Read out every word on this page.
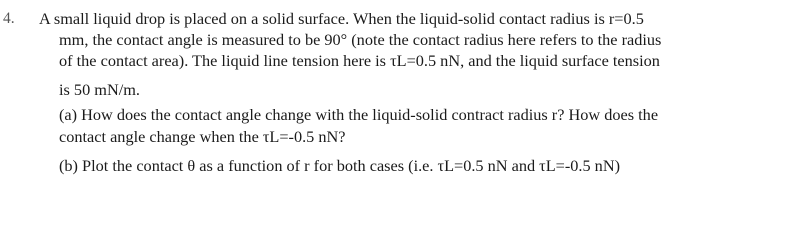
4. A small liquid drop is placed on a solid surface. When the liquid-solid contact radius is r=0.5
mm, the contact angle is measured to be 90° (note the contact radius here refers to the radius
of the contact area). The liquid line tension here is τL=0.5 nN, and the liquid surface tension
is 50 mN/m.
(a) How does the contact angle change with the liquid-solid contract radius r? How does the
contact angle change when the τL=-0.5 nN?
(b) Plot the contact θ as a function of r for both cases (i.e. τL=0.5 nN and τL=-0.5 nN)
